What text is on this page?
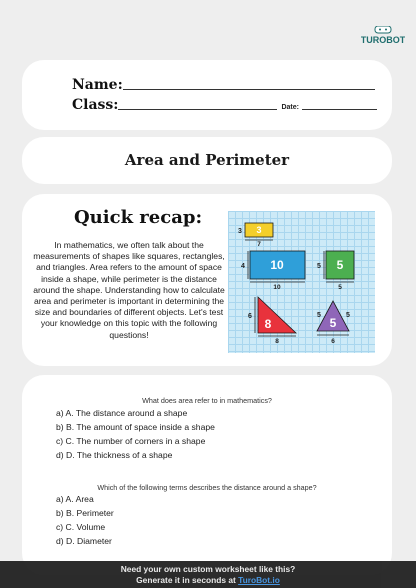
TUROBOT
Name:
Class:	Date:
Area and Perimeter
Quick recap:
In mathematics, we often talk about the measurements of shapes like squares, rectangles, and triangles. Area refers to the amount of space inside a shape, while perimeter is the distance around the shape. Understanding how to calculate area and perimeter is important in determining the size and boundaries of different objects. Let's test your knowledge on this topic with the following questions!
3 3
7
4 10
10
5 5
5
6
8
8
5	5
5
6
What does area refer to in mathematics?
a) A. The distance around a shape
b) B. The amount of space inside a shape
c) C. The number of corners in a shape
d) D. The thickness of a shape
Which of the following terms describes the distance around a shape?
a) A. Area
b) B. Perimeter
c) C. Volume
d) D. Diameter
Need your own custom worksheet like this?
Generate it in seconds at TuroBot.io
